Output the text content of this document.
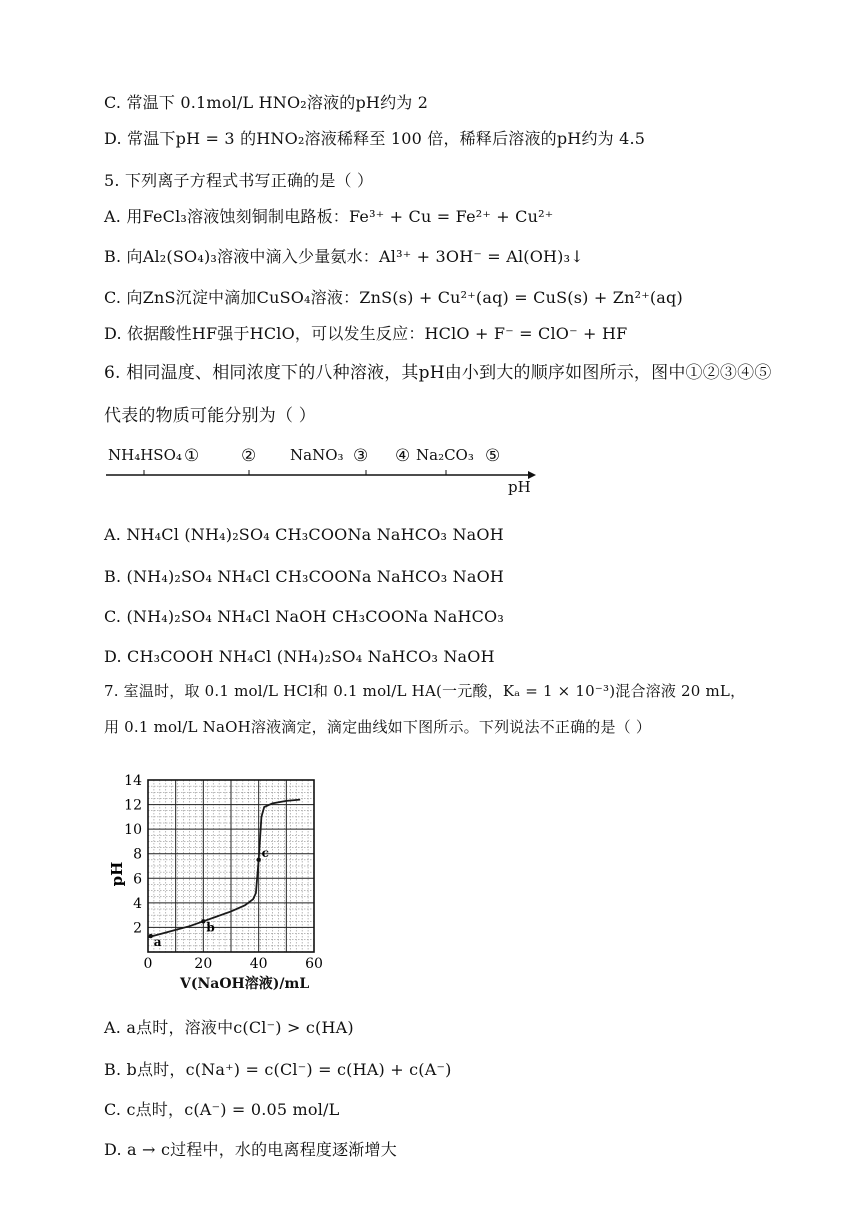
C. 常温下 0.1mol/L HNO₂溶液的pH约为 2
D. 常温下pH = 3 的HNO₂溶液稀释至 100 倍，稀释后溶液的pH约为 4.5
5. 下列离子方程式书写正确的是（ ）
A. 用FeCl₃溶液蚀刻铜制电路板：Fe³⁺ + Cu = Fe²⁺ + Cu²⁺
B. 向Al₂(SO₄)₃溶液中滴入少量氨水：Al³⁺ + 3OH⁻ = Al(OH)₃↓
C. 向ZnS沉淀中滴加CuSO₄溶液：ZnS(s) + Cu²⁺(aq) = CuS(s) + Zn²⁺(aq)
D. 依据酸性HF强于HClO，可以发生反应：HClO + F⁻ = ClO⁻ + HF
6. 相同温度、相同浓度下的八种溶液，其pH由小到大的顺序如图所示，图中①②③④⑤
代表的物质可能分别为（ ）
NH₄HSO₄ ① ② NaNO₃ ③ ④ Na₂CO₃ ⑤
pH
A. NH₄Cl (NH₄)₂SO₄ CH₃COONa NaHCO₃ NaOH
B. (NH₄)₂SO₄ NH₄Cl CH₃COONa NaHCO₃ NaOH
C. (NH₄)₂SO₄ NH₄Cl NaOH CH₃COONa NaHCO₃
D. CH₃COOH NH₄Cl (NH₄)₂SO₄ NaHCO₃ NaOH
7. 室温时，取 0.1 mol/L HCl和 0.1 mol/L HA(一元酸，Kₐ = 1 × 10⁻³)混合溶液 20 mL，
用 0.1 mol/L NaOH溶液滴定，滴定曲线如下图所示。下列说法不正确的是（ ）
2
4
6
8
10
12
14
0	20	40	60
pH
a
b
c
V(NaOH溶液)/mL
A. a点时，溶液中c(Cl⁻) > c(HA)
B. b点时，c(Na⁺) = c(Cl⁻) = c(HA) + c(A⁻)
C. c点时，c(A⁻) = 0.05 mol/L
D. a → c过程中，水的电离程度逐渐增大
